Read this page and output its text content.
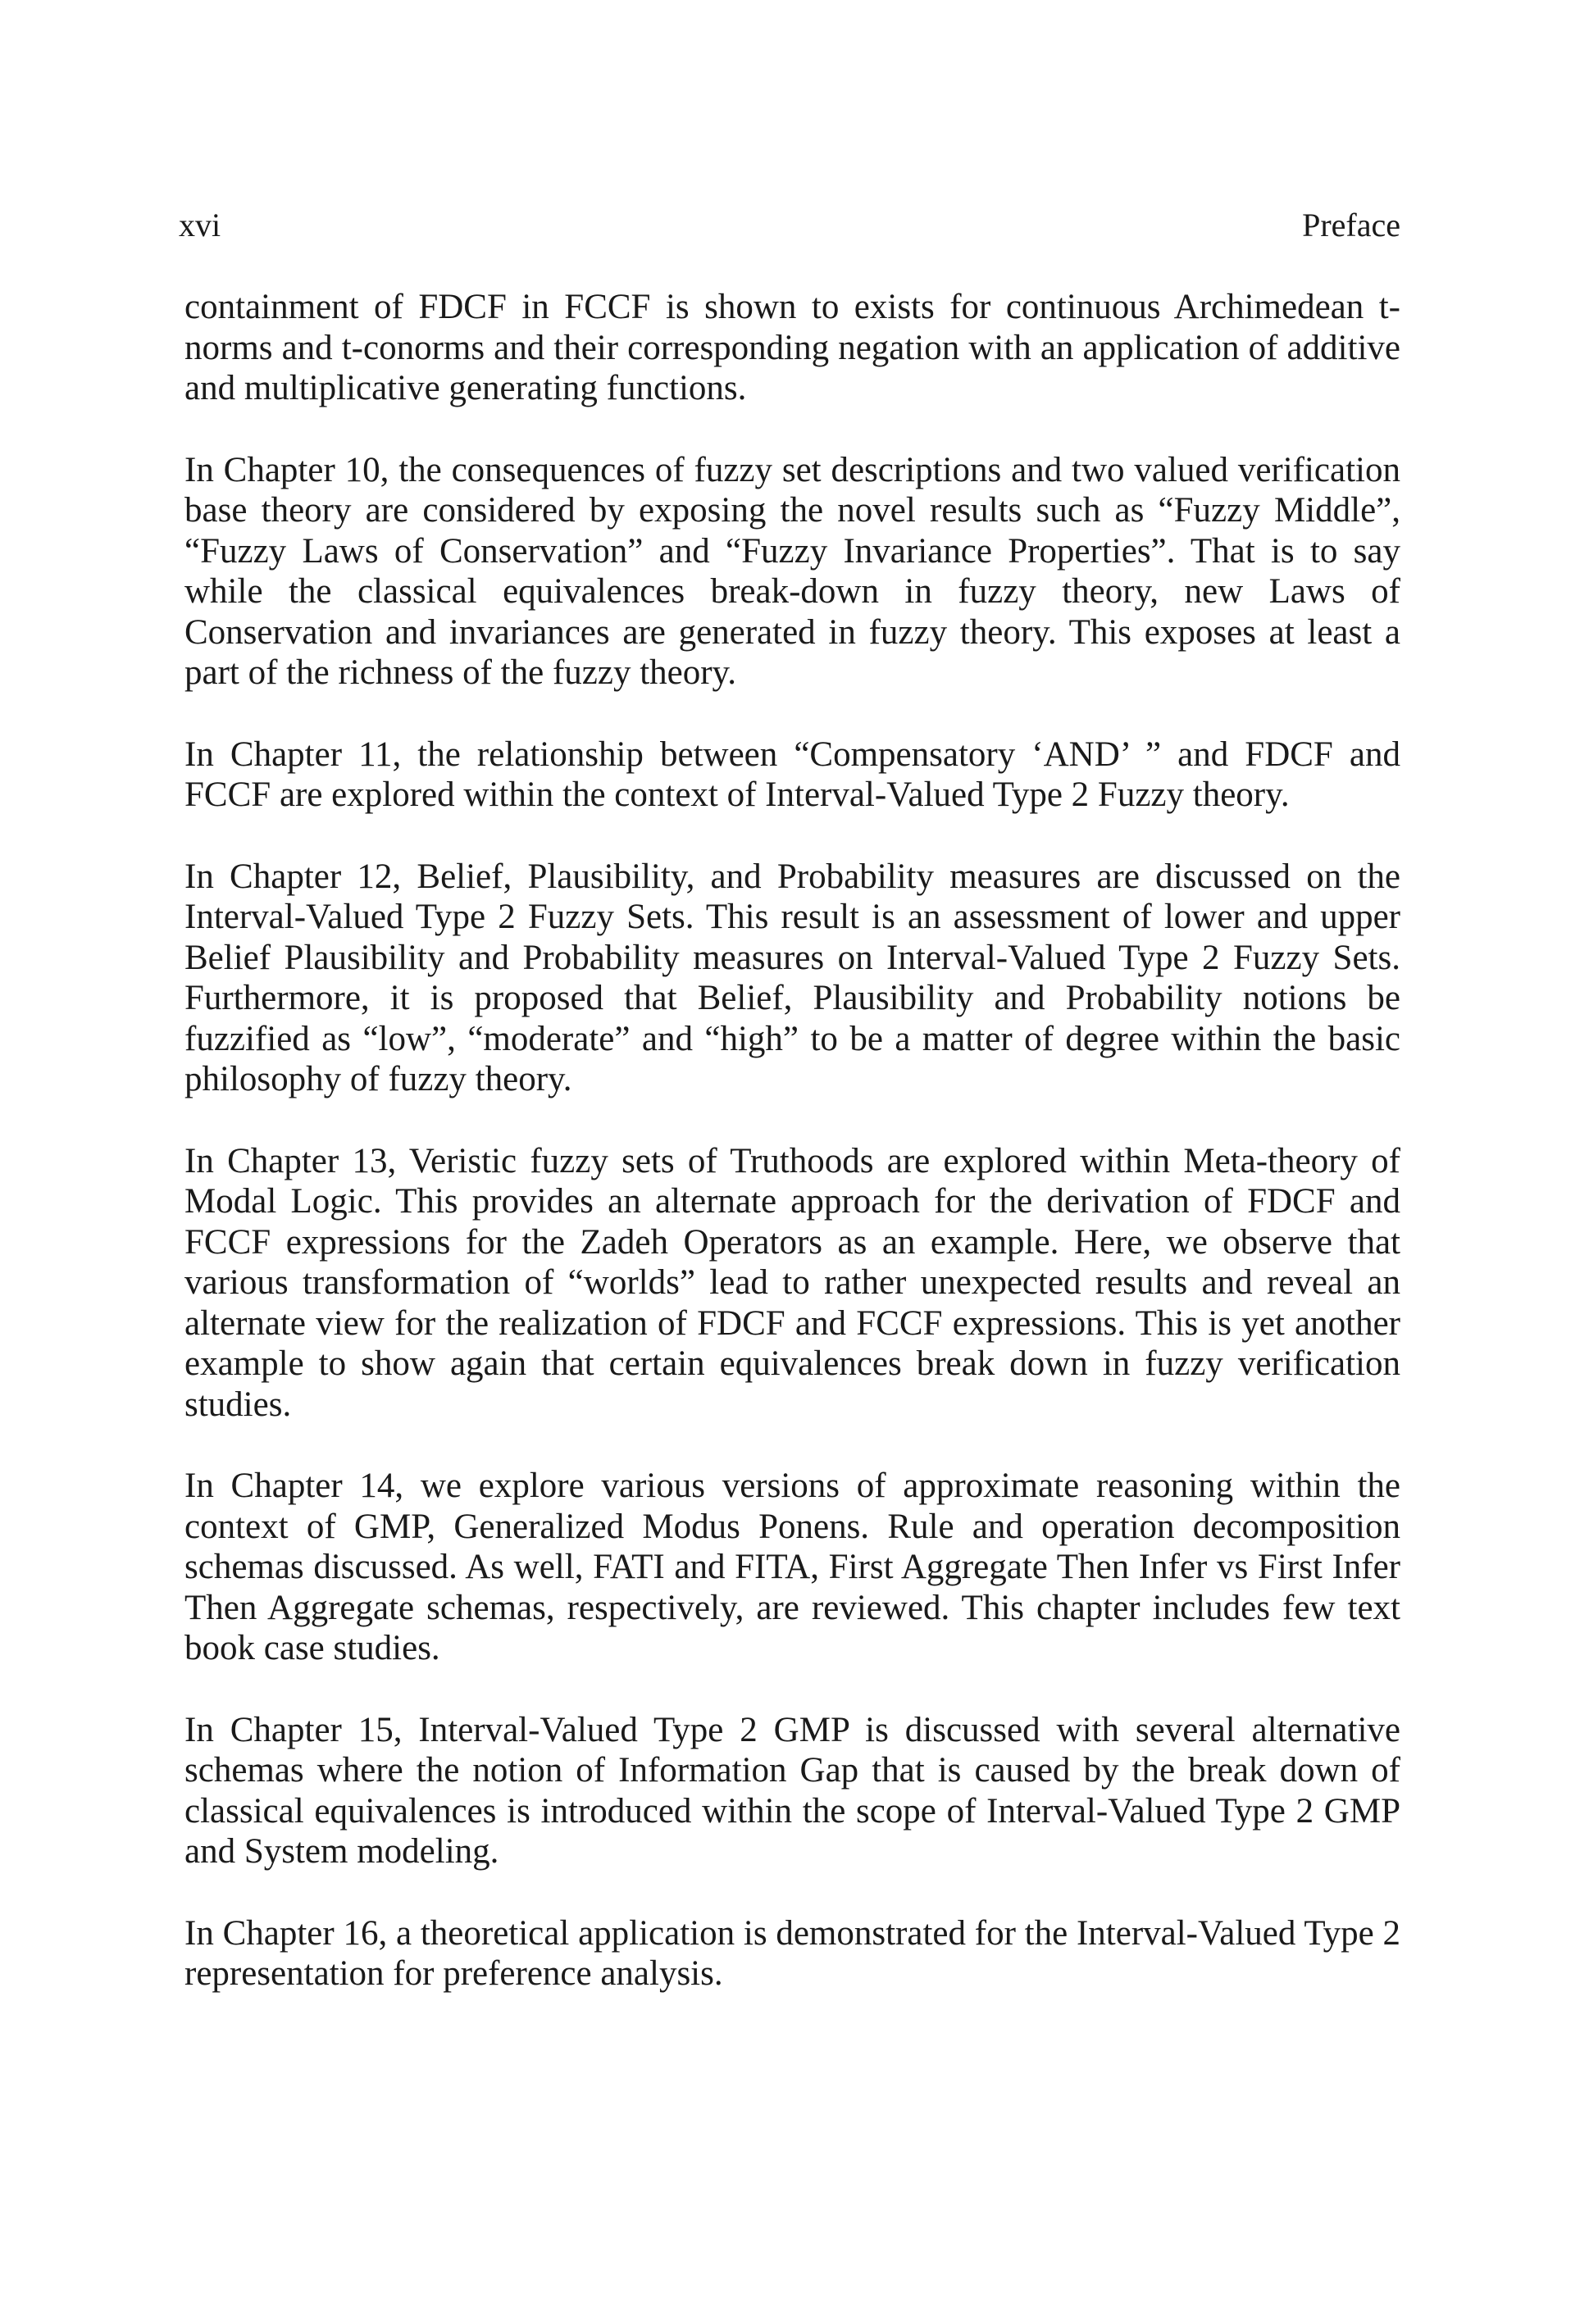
xvi	Preface

containment of FDCF in FCCF is shown to exists for continuous Archimedean t-norms and t-conorms and their corresponding negation with an application of additive and multiplicative generating functions.

In Chapter 10, the consequences of fuzzy set descriptions and two valued verification base theory are considered by exposing the novel results such as “Fuzzy Middle”, “Fuzzy Laws of Conservation” and “Fuzzy Invariance Properties”. That is to say while the classical equivalences break-down in fuzzy theory, new Laws of Conservation and invariances are generated in fuzzy theory. This exposes at least a part of the richness of the fuzzy theory.

In Chapter 11, the relationship between “Compensatory ‘AND’ ” and FDCF and FCCF are explored within the context of Interval-Valued Type 2 Fuzzy theory.

In Chapter 12, Belief, Plausibility, and Probability measures are discussed on the Interval-Valued Type 2 Fuzzy Sets. This result is an assessment of lower and upper Belief Plausibility and Probability measures on Interval-Valued Type 2 Fuzzy Sets. Furthermore, it is proposed that Belief, Plausibility and Probability notions be fuzzified as “low”, “moderate” and “high” to be a matter of degree within the basic philosophy of fuzzy theory.

In Chapter 13, Veristic fuzzy sets of Truthoods are explored within Meta-theory of Modal Logic. This provides an alternate approach for the derivation of FDCF and FCCF expressions for the Zadeh Operators as an example. Here, we observe that various transformation of “worlds” lead to rather unexpected results and reveal an alternate view for the realization of FDCF and FCCF expressions. This is yet another example to show again that certain equivalences break down in fuzzy verification studies.

In Chapter 14, we explore various versions of approximate reasoning within the context of GMP, Generalized Modus Ponens. Rule and operation decomposition schemas discussed. As well, FATI and FITA, First Aggregate Then Infer vs First Infer Then Aggregate schemas, respectively, are reviewed. This chapter includes few text book case studies.

In Chapter 15, Interval-Valued Type 2 GMP is discussed with several alternative schemas where the notion of Information Gap that is caused by the break down of classical equivalences is introduced within the scope of Interval-Valued Type 2 GMP and System modeling.

In Chapter 16, a theoretical application is demonstrated for the Interval-Valued Type 2 representation for preference analysis.
